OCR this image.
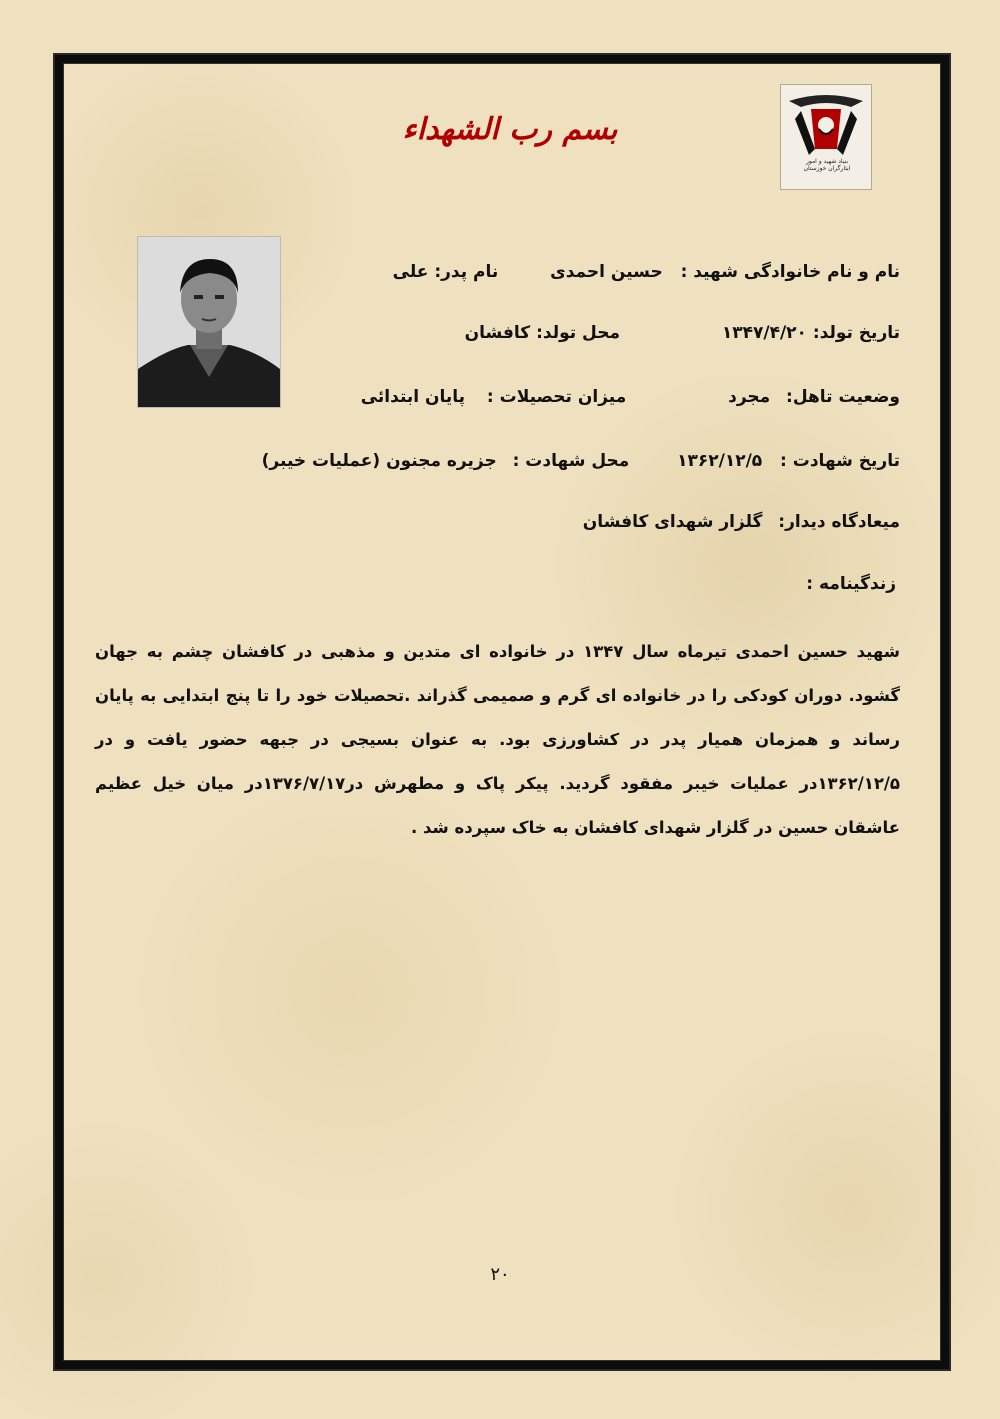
بنیاد شهید و امور ایثارگران خوزستان
بسم رب الشهداء
نام و نام خانوادگی شهید :  حسین احمدی  نام پدر: علی
تاریخ تولد: ۱۳۴۷/۴/۲۰  محل تولد: کافشان
وضعیت تاهل:  مجرد  میزان تحصیلات :  پایان ابتدائی
تاریخ شهادت :  ۱۳۶۲/۱۲/۵  محل شهادت :  جزیره مجنون (عملیات خیبر)
میعادگاه دیدار:  گلزار شهدای کافشان
زندگینامه :
شهید حسین احمدی تیرماه سال ۱۳۴۷ در خانواده ای متدین و مذهبی در کافشان چشم به جهان گشود. دوران کودکی را در خانواده ای گرم و صمیمی گذراند .تحصیلات خود را تا پنج ابتدایی به پایان رساند و همزمان همیار پدر در کشاورزی بود. به عنوان بسیجی در جبهه حضور یافت و در ۱۳۶۲/۱۲/۵در عملیات خیبر مفقود گردید. پیکر پاک و مطهرش در۱۳۷۶/۷/۱۷در میان خیل عظیم عاشقان حسین در گلزار شهدای کافشان به خاک سپرده شد .
۲۰
